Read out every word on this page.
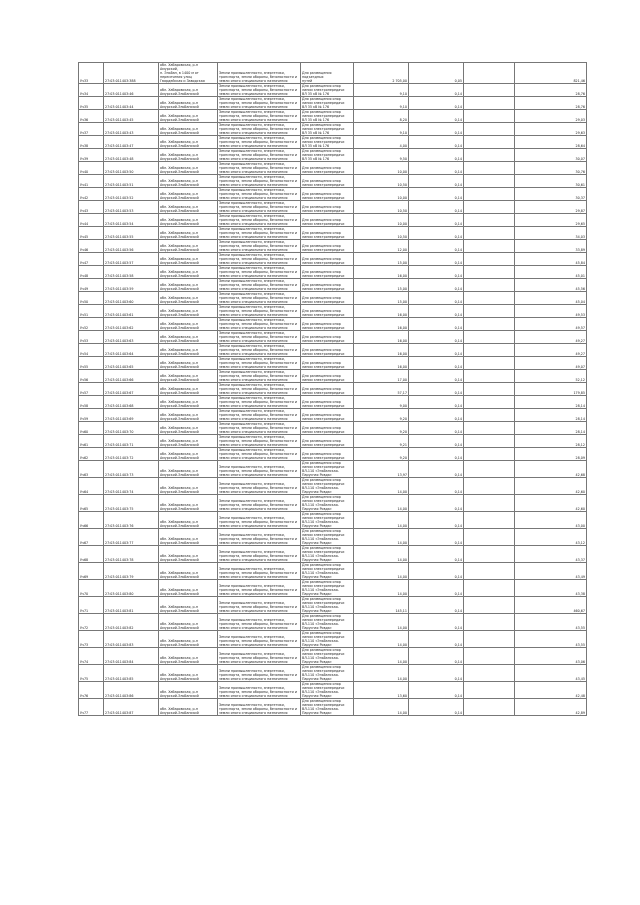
Уч33	27:03:011403:388	обл. Хабаровская, р-н Амурский,
п. Эльбан, в 1400 м от
пересечения улиц
Гвардейская и Заводская	Земли промышленности, энергетики,
транспорта, земли обороны, безопасности и
земли иного специального назначения	Для размещения
подъездных
путей	2 705,00	0,05		821,46
Уч34	27:03:011403:46	обл. Хабаровская, р-н
Амурский-Эльбанский	Земли промышленности, энергетики,
транспорта, земли обороны, безопасности и
земли иного специального назначения	Для размещения опор
линии электропередачи
ВЛ 35 кВ № 176	9,10	0,14		28,76
Уч35	27:03:011403:44	обл. Хабаровская, р-н
Амурский-Эльбанский	Земли промышленности, энергетики,
транспорта, земли обороны, безопасности и
земли иного специального назначения	Для размещения опор
линии электропередачи
ВЛ 35 кВ № 176	9,10	0,14		28,76
Уч36	27:03:011403:45	обл. Хабаровская, р-н
Амурский-Эльбанский	Земли промышленности, энергетики,
транспорта, земли обороны, безопасности и
земли иного специального назначения	Для размещения опор
линии электропередачи
ВЛ 35 кВ № 176	8,20	0,14		29,03
Уч37	27:03:011403:43	обл. Хабаровская, р-н
Амурский-Эльбанский	Земли промышленности, энергетики,
транспорта, земли обороны, безопасности и
земли иного специального назначения	Для размещения опор
линии электропередачи
ВЛ 35 кВ № 176	9,10	0,14		29,63
Уч38	27:03:011403:47	обл. Хабаровская, р-н
Амурский-Эльбанский	Земли промышленности, энергетики,
транспорта, земли обороны, безопасности и
земли иного специального назначения	Для размещения опор
линии электропередачи
ВЛ 35 кВ № 176	4,00	0,14		28,64
Уч39	27:03:011403:48	обл. Хабаровская, р-н
Амурский-Эльбанский	Земли промышленности, энергетики,
транспорта, земли обороны, безопасности и
земли иного специального назначения	Для размещения опор
линии электропередачи
ВЛ 35 кВ № 176	9,50	0,14		30,07
Уч40	27:03:011403:50	обл. Хабаровская, р-н
Амурский-Эльбанский	Земли промышленности, энергетики,
транспорта, земли обороны, безопасности и
земли иного специального назначения	Для размещения опор
линии электропередачи	10,00	0,14		30,76
Уч41	27:03:011403:51	обл. Хабаровская, р-н
Амурский-Эльбанский	Земли промышленности, энергетики,
транспорта, земли обороны, безопасности и
земли иного специального назначения	Для размещения опор
линии электропередачи	10,50	0,14		30,61
Уч42	27:03:011403:52	обл. Хабаровская, р-н
Амурский-Эльбанский	Земли промышленности, энергетики,
транспорта, земли обороны, безопасности и
земли иного специального назначения	Для размещения опор
линии электропередачи	10,00	0,14		30,37
Уч43	27:03:011403:53	обл. Хабаровская, р-н
Амурский-Эльбанский	Земли промышленности, энергетики,
транспорта, земли обороны, безопасности и
земли иного специального назначения	Для размещения опор
линии электропередачи	10,50	0,14		29,87
Уч44	27:03:011403:54	обл. Хабаровская, р-н
Амурский-Эльбанский	Земли промышленности, энергетики,
транспорта, земли обороны, безопасности и
земли иного специального назначения	Для размещения опор
линии электропередачи	10,00	0,14		29,65
Уч45	27:03:011403:55	обл. Хабаровская, р-н
Амурский-Эльбанский	Земли промышленности, энергетики,
транспорта, земли обороны, безопасности и
земли иного специального назначения	Для размещения опор
линии электропередачи	10,50	0,14		34,03
Уч46	27:03:011403:56	обл. Хабаровская, р-н
Амурский-Эльбанский	Земли промышленности, энергетики,
транспорта, земли обороны, безопасности и
земли иного специального назначения	Для размещения опор
линии электропередачи	12,00	0,14		33,89
Уч47	27:03:011403:57	обл. Хабаровская, р-н
Амурский-Эльбанский	Земли промышленности, энергетики,
транспорта, земли обороны, безопасности и
земли иного специального назначения	Для размещения опор
линии электропередачи	15,00	0,14		45,84
Уч48	27:03:011403:58	обл. Хабаровская, р-н
Амурский-Эльбанский	Земли промышленности, энергетики,
транспорта, земли обороны, безопасности и
земли иного специального назначения	Для размещения опор
линии электропередачи	16,00	0,14		45,01
Уч49	27:03:011403:59	обл. Хабаровская, р-н
Амурский-Эльбанский	Земли промышленности, энергетики,
транспорта, земли обороны, безопасности и
земли иного специального назначения	Для размещения опор
линии электропередачи	15,00	0,14		45,56
Уч50	27:03:011403:60	обл. Хабаровская, р-н
Амурский-Эльбанский	Земли промышленности, энергетики,
транспорта, земли обороны, безопасности и
земли иного специального назначения	Для размещения опор
линии электропередачи	15,00	0,14		45,04
Уч51	27:03:011403:61	обл. Хабаровская, р-н
Амурский-Эльбанский	Земли промышленности, энергетики,
транспорта, земли обороны, безопасности и
земли иного специального назначения	Для размещения опор
линии электропередачи	16,00	0,14		49,53
Уч52	27:03:011403:62	обл. Хабаровская, р-н
Амурский-Эльбанский	Земли промышленности, энергетики,
транспорта, земли обороны, безопасности и
земли иного специального назначения	Для размещения опор
линии электропередачи	16,00	0,14		49,57
Уч53	27:03:011403:63	обл. Хабаровская, р-н
Амурский-Эльбанский	Земли промышленности, энергетики,
транспорта, земли обороны, безопасности и
земли иного специального назначения	Для размещения опор
линии электропередачи	16,00	0,14		49,27
Уч54	27:03:011403:64	обл. Хабаровская, р-н
Амурский-Эльбанский	Земли промышленности, энергетики,
транспорта, земли обороны, безопасности и
земли иного специального назначения	Для размещения опор
линии электропередачи	16,00	0,14		49,27
Уч55	27:03:011403:65	обл. Хабаровская, р-н
Амурский-Эльбанский	Земли промышленности, энергетики,
транспорта, земли обороны, безопасности и
земли иного специального назначения	Для размещения опор
линии электропередачи	16,00	0,14		49,07
Уч56	27:03:011403:66	обл. Хабаровская, р-н
Амурский-Эльбанский	Земли промышленности, энергетики,
транспорта, земли обороны, безопасности и
земли иного специального назначения	Для размещения опор
линии электропередачи	17,00	0,14		52,12
Уч57	27:03:011403:67	обл. Хабаровская, р-н
Амурский-Эльбанский	Земли промышленности, энергетики,
транспорта, земли обороны, безопасности и
земли иного специального назначения	Для размещения опор
линии электропередачи	57,17	0,14		179,85
Уч58	27:03:011403:68	обл. Хабаровская, р-н
Амурский-Эльбанский	Земли промышленности, энергетики,
транспорта, земли обороны, безопасности и
земли иного специального назначения	Для размещения опор
линии электропередачи	9,00	0,14		28,14
Уч59	27:03:011403:69	обл. Хабаровская, р-н
Амурский-Эльбанский	Земли промышленности, энергетики,
транспорта, земли обороны, безопасности и
земли иного специального назначения	Для размещения опор
линии электропередачи	9,20	0,14		28,14
Уч60	27:03:011403:70	обл. Хабаровская, р-н
Амурский-Эльбанский	Земли промышленности, энергетики,
транспорта, земли обороны, безопасности и
земли иного специального назначения	Для размещения опор
линии электропередачи	9,20	0,14		28,14
Уч61	27:03:011403:71	обл. Хабаровская, р-н
Амурский-Эльбанский	Земли промышленности, энергетики,
транспорта, земли обороны, безопасности и
земли иного специального назначения	Для размещения опор
линии электропередачи	9,21	0,14		28,12
Уч62	27:03:011403:72	обл. Хабаровская, р-н
Амурский-Эльбанский	Земли промышленности, энергетики,
транспорта, земли обороны, безопасности и
земли иного специального назначения	Для размещения опор
линии электропередачи	9,20	0,14		28,09
Уч63	27:03:011403:73	обл. Хабаровская, р-н
Амурский-Эльбанский	Земли промышленности, энергетики,
транспорта, земли обороны, безопасности и
земли иного специального назначения	Для размещения опор
линии электропередачи
ВЛ-110 «Эльбанская-
Парусная Ровда»	13,97	0,14		42,68
Уч64	27:03:011403:74	обл. Хабаровская, р-н
Амурский-Эльбанский	Земли промышленности, энергетики,
транспорта, земли обороны, безопасности и
земли иного специального назначения	Для размещения опор
линии электропередачи
ВЛ-110 «Эльбанская-
Парусная Ровда»	14,00	0,14		42,60
Уч65	27:03:011403:75	обл. Хабаровская, р-н
Амурский-Эльбанский	Земли промышленности, энергетики,
транспорта, земли обороны, безопасности и
земли иного специального назначения	Для размещения опор
линии электропередачи
ВЛ-110 «Эльбанская-
Парусная Ровда»	14,00	0,14		42,60
Уч66	27:03:011403:76	обл. Хабаровская, р-н
Амурский-Эльбанский	Земли промышленности, энергетики,
транспорта, земли обороны, безопасности и
земли иного специального назначения	Для размещения опор
линии электропередачи
ВЛ-110 «Эльбанская-
Парусная Ровда»	14,00	0,14		43,00
Уч67	27:03:011403:77	обл. Хабаровская, р-н
Амурский-Эльбанский	Земли промышленности, энергетики,
транспорта, земли обороны, безопасности и
земли иного специального назначения	Для размещения опор
линии электропередачи
ВЛ-110 «Эльбанская-
Парусная Ровда»	14,00	0,14		43,12
Уч68	27:03:011403:78	обл. Хабаровская, р-н
Амурский-Эльбанский	Земли промышленности, энергетики,
транспорта, земли обороны, безопасности и
земли иного специального назначения	Для размещения опор
линии электропередачи
ВЛ-110 «Эльбанская-
Парусная Ровда»	14,00	0,14		43,37
Уч69	27:03:011403:79	обл. Хабаровская, р-н
Амурский-Эльбанский	Земли промышленности, энергетики,
транспорта, земли обороны, безопасности и
земли иного специального назначения	Для размещения опор
линии электропередачи
ВЛ-110 «Эльбанская-
Парусная Ровда»	14,00	0,14		43,49
Уч70	27:03:011403:80	обл. Хабаровская, р-н
Амурский-Эльбанский	Земли промышленности, энергетики,
транспорта, земли обороны, безопасности и
земли иного специального назначения	Для размещения опор
линии электропередачи
ВЛ-110 «Эльбанская-
Парусная Ровда»	14,00	0,14		43,38
Уч71	27:03:011403:81	обл. Хабаровская, р-н
Амурский-Эльбанский	Земли промышленности, энергетики,
транспорта, земли обороны, безопасности и
земли иного специального назначения	Для размещения опор
линии электропередачи
ВЛ-110 «Эльбанская-
Парусная Ровда»	145,11	0,14		460,67
Уч72	27:03:011403:82	обл. Хабаровская, р-н
Амурский-Эльбанский	Земли промышленности, энергетики,
транспорта, земли обороны, безопасности и
земли иного специального назначения	Для размещения опор
линии электропередачи
ВЛ-110 «Эльбанская-
Парусная Ровда»	14,00	0,14		43,55
Уч73	27:03:011403:83	обл. Хабаровская, р-н
Амурский-Эльбанский	Земли промышленности, энергетики,
транспорта, земли обороны, безопасности и
земли иного специального назначения	Для размещения опор
линии электропередачи
ВЛ-110 «Эльбанская-
Парусная Ровда»	14,00	0,14		43,55
Уч74	27:03:011403:84	обл. Хабаровская, р-н
Амурский-Эльбанский	Земли промышленности, энергетики,
транспорта, земли обороны, безопасности и
земли иного специального назначения	Для размещения опор
линии электропередачи
ВЛ-110 «Эльбанская-
Парусная Ровда»	14,00	0,14		43,06
Уч75	27:03:011403:85	обл. Хабаровская, р-н
Амурский-Эльбанский	Земли промышленности, энергетики,
транспорта, земли обороны, безопасности и
земли иного специального назначения	Для размещения опор
линии электропередачи
ВЛ-110 «Эльбанская-
Парусная Ровда»	14,00	0,14		43,45
Уч76	27:03:011403:86	обл. Хабаровская, р-н
Амурский-Эльбанский	Земли промышленности, энергетики,
транспорта, земли обороны, безопасности и
земли иного специального назначения	Для размещения опор
линии электропередачи
ВЛ-110 «Эльбанская-
Парусная Ровда»	13,60	0,14		42,48
Уч77	27:03:011403:87	обл. Хабаровская, р-н
Амурский-Эльбанский	Земли промышленности, энергетики,
транспорта, земли обороны, безопасности и
земли иного специального назначения	Для размещения опор
линии электропередачи
ВЛ-110 «Эльбанская-
Парусная Ровда»	14,00	0,14		42,89
